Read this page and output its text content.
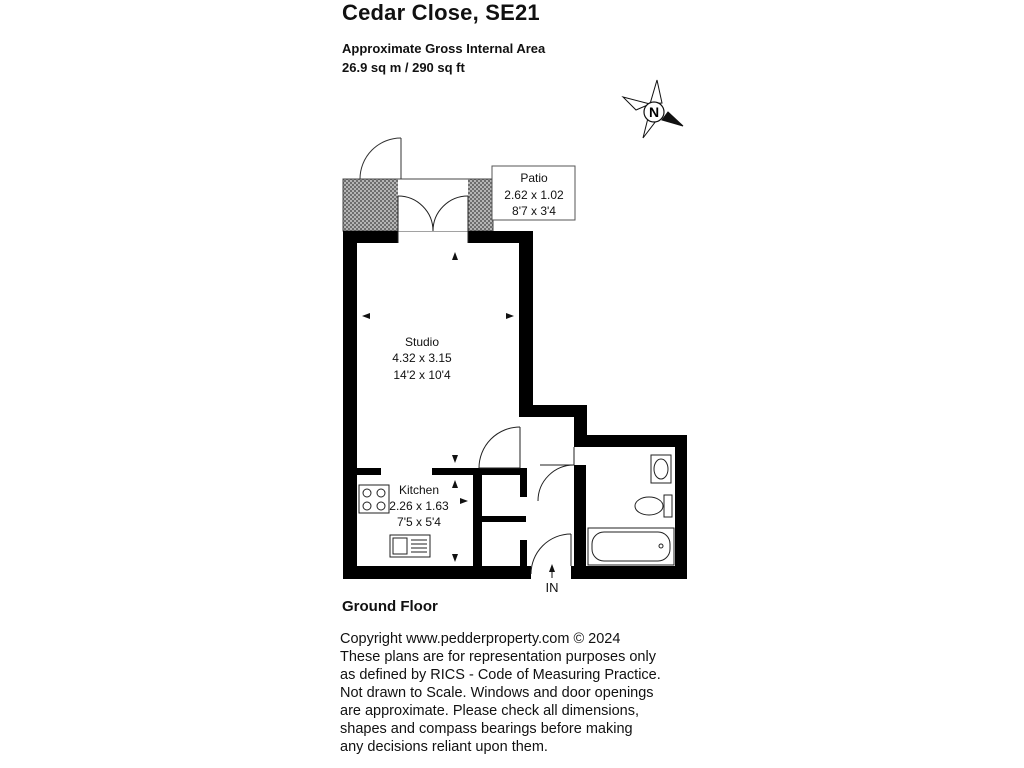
Cedar Close, SE21
Approximate Gross Internal Area
26.9 sq m / 290 sq ft
N
Patio
2.62 x 1.02
8'7 x 3'4
Studio
4.32 x 3.15
14'2 x 10'4
Kitchen
2.26 x 1.63
7'5 x 5'4
IN
Ground Floor
Copyright www.pedderproperty.com © 2024
These plans are for representation purposes only
as defined by RICS - Code of Measuring Practice.
Not drawn to Scale. Windows and door openings
are approximate. Please check all dimensions,
shapes and compass bearings before making
any decisions reliant upon them.
